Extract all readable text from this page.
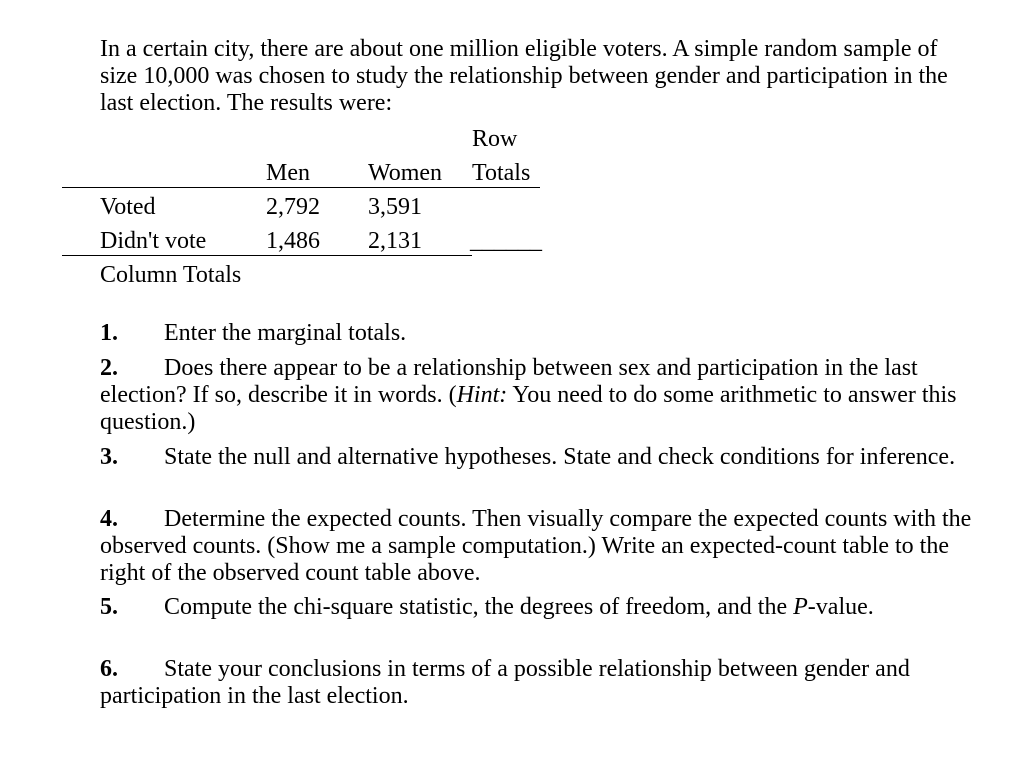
In a certain city, there are about one million eligible voters. A simple random sample of size 10,000 was chosen to study the relationship between gender and participation in the last election. The results were:

Row
Men Women Totals
Voted	2,792 3,591
Didn't vote 1,486 2,131 ______
Column Totals

1. Enter the marginal totals.

2. Does there appear to be a relationship between sex and participation in the last election? If so, describe it in words. (Hint: You need to do some arithmetic to answer this question.)

3. State the null and alternative hypotheses. State and check conditions for inference.

4. Determine the expected counts. Then visually compare the expected counts with the observed counts. (Show me a sample computation.) Write an expected-count table to the right of the observed count table above.

5. Compute the chi-square statistic, the degrees of freedom, and the P-value.

6. State your conclusions in terms of a possible relationship between gender and participation in the last election.
